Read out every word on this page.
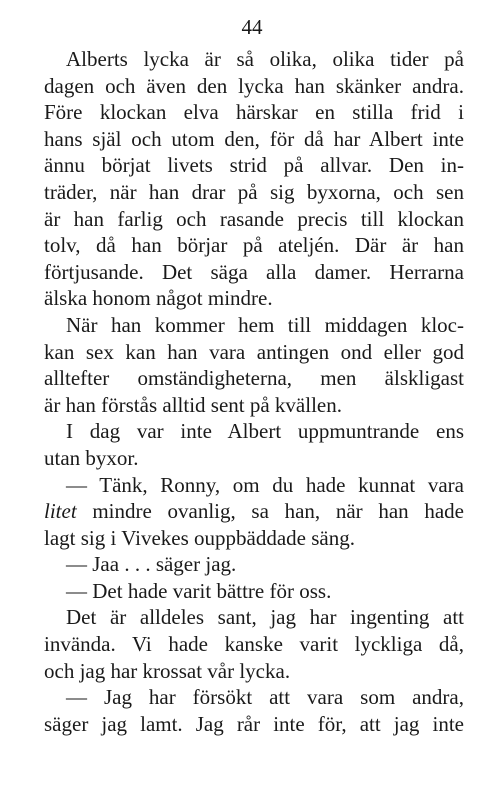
44
Alberts lycka är så olika, olika tider på
dagen och även den lycka han skänker andra.
Före klockan elva härskar en stilla frid i
hans själ och utom den, för då har Albert inte
ännu börjat livets strid på allvar. Den in-
träder, när han drar på sig byxorna, och sen
är han farlig och rasande precis till klockan
tolv, då han börjar på ateljén. Där är han
förtjusande. Det säga alla damer. Herrarna
älska honom något mindre.
När han kommer hem till middagen kloc-
kan sex kan han vara antingen ond eller god
alltefter omständigheterna, men älskligast
är han förstås alltid sent på kvällen.
I dag var inte Albert uppmuntrande ens
utan byxor.
— Tänk, Ronny, om du hade kunnat vara
litet mindre ovanlig, sa han, när han hade
lagt sig i Vivekes ouppbäddade säng.
— Jaa . . . säger jag.
— Det hade varit bättre för oss.
Det är alldeles sant, jag har ingenting att
invända. Vi hade kanske varit lyckliga då,
och jag har krossat vår lycka.
— Jag har försökt att vara som andra,
säger jag lamt. Jag rår inte för, att jag inte
